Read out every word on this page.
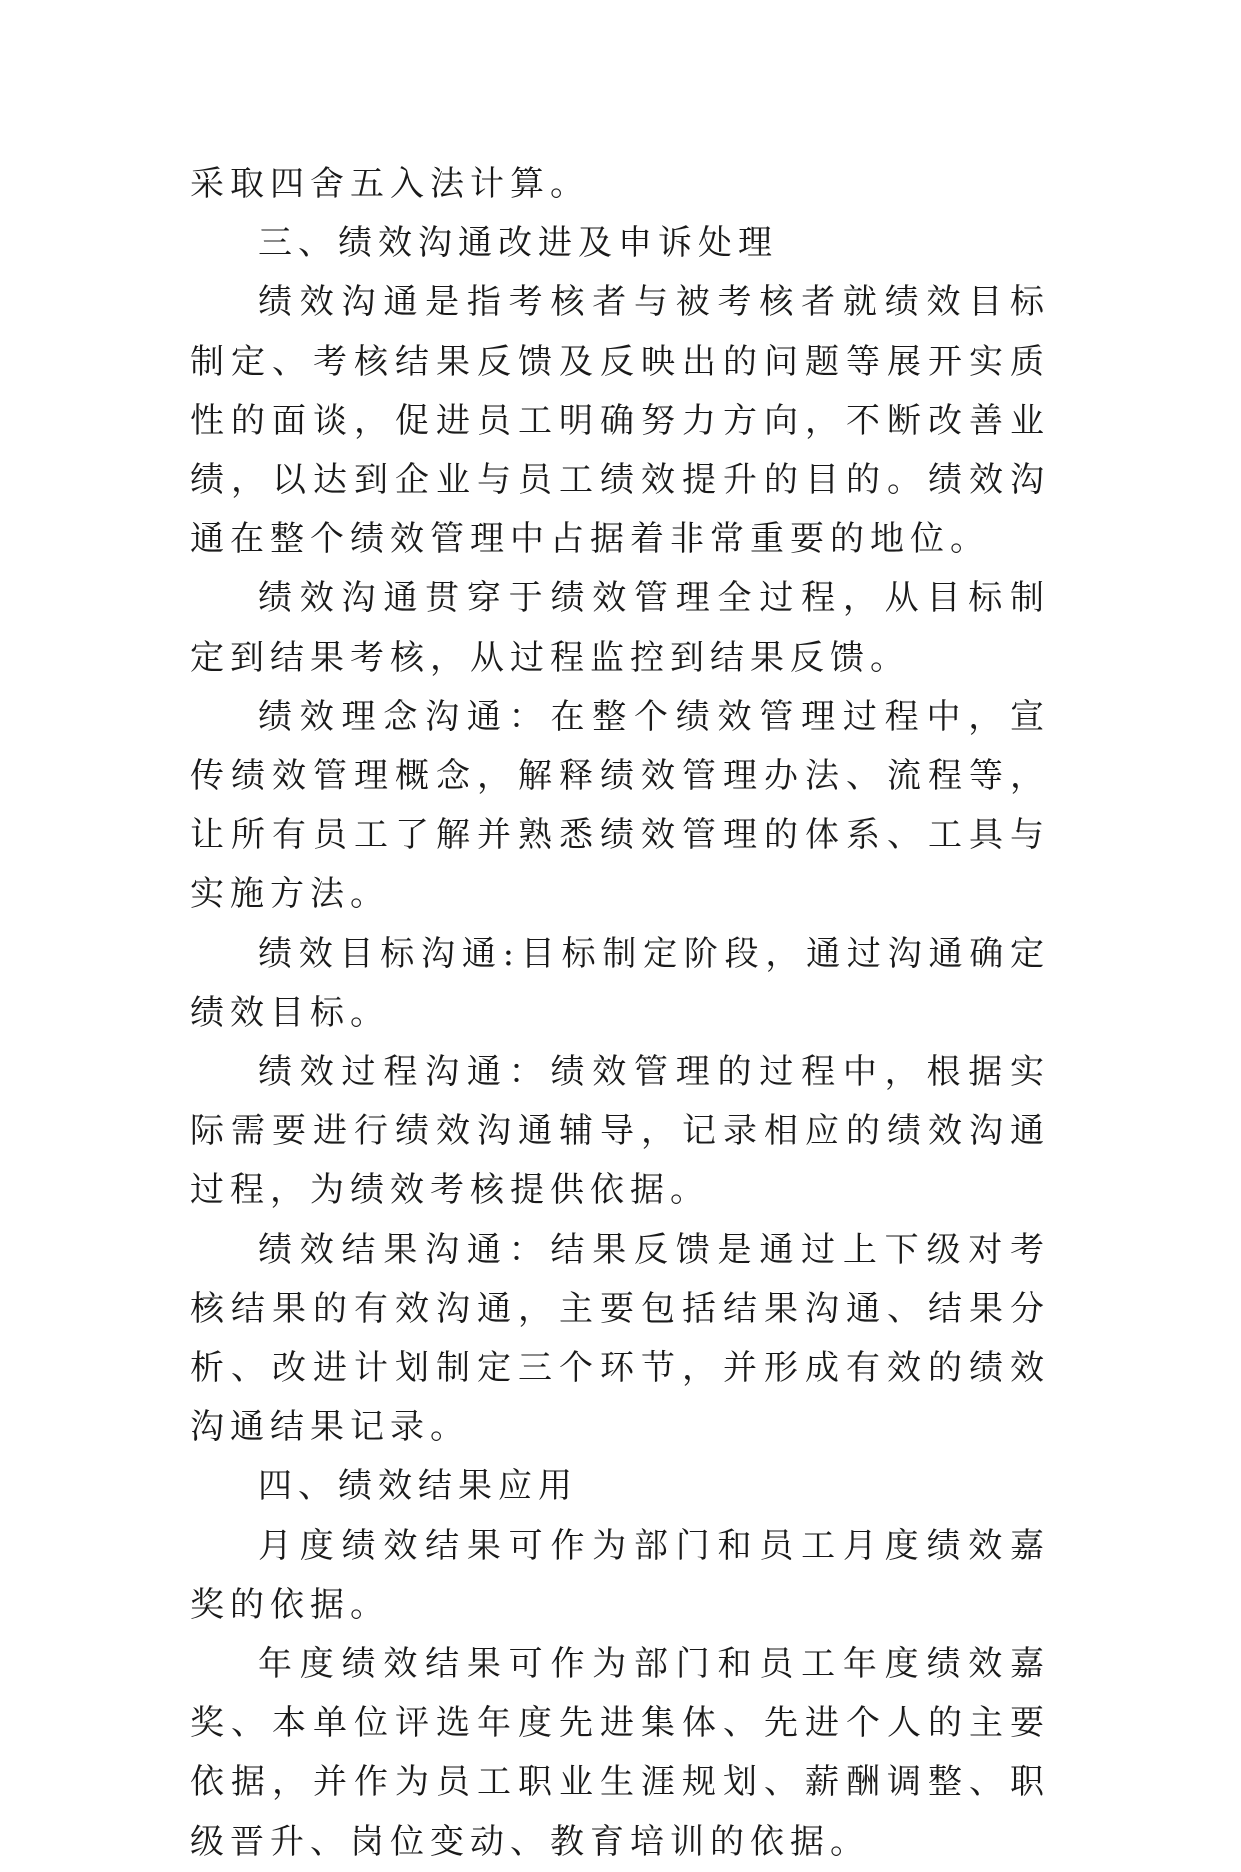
采取四舍五入法计算。

三、绩效沟通改进及申诉处理

绩效沟通是指考核者与被考核者就绩效目标制定、考核结果反馈及反映出的问题等展开实质性的面谈，促进员工明确努力方向，不断改善业绩，以达到企业与员工绩效提升的目的。绩效沟通在整个绩效管理中占据着非常重要的地位。

绩效沟通贯穿于绩效管理全过程，从目标制定到结果考核，从过程监控到结果反馈。

绩效理念沟通：在整个绩效管理过程中，宣传绩效管理概念，解释绩效管理办法、流程等，让所有员工了解并熟悉绩效管理的体系、工具与实施方法。

绩效目标沟通:目标制定阶段，通过沟通确定绩效目标。

绩效过程沟通：绩效管理的过程中，根据实际需要进行绩效沟通辅导，记录相应的绩效沟通过程，为绩效考核提供依据。

绩效结果沟通：结果反馈是通过上下级对考核结果的有效沟通，主要包括结果沟通、结果分析、改进计划制定三个环节，并形成有效的绩效沟通结果记录。

四、绩效结果应用

月度绩效结果可作为部门和员工月度绩效嘉奖的依据。

年度绩效结果可作为部门和员工年度绩效嘉奖、本单位评选年度先进集体、先进个人的主要依据，并作为员工职业生涯规划、薪酬调整、职级晋升、岗位变动、教育培训的依据。
